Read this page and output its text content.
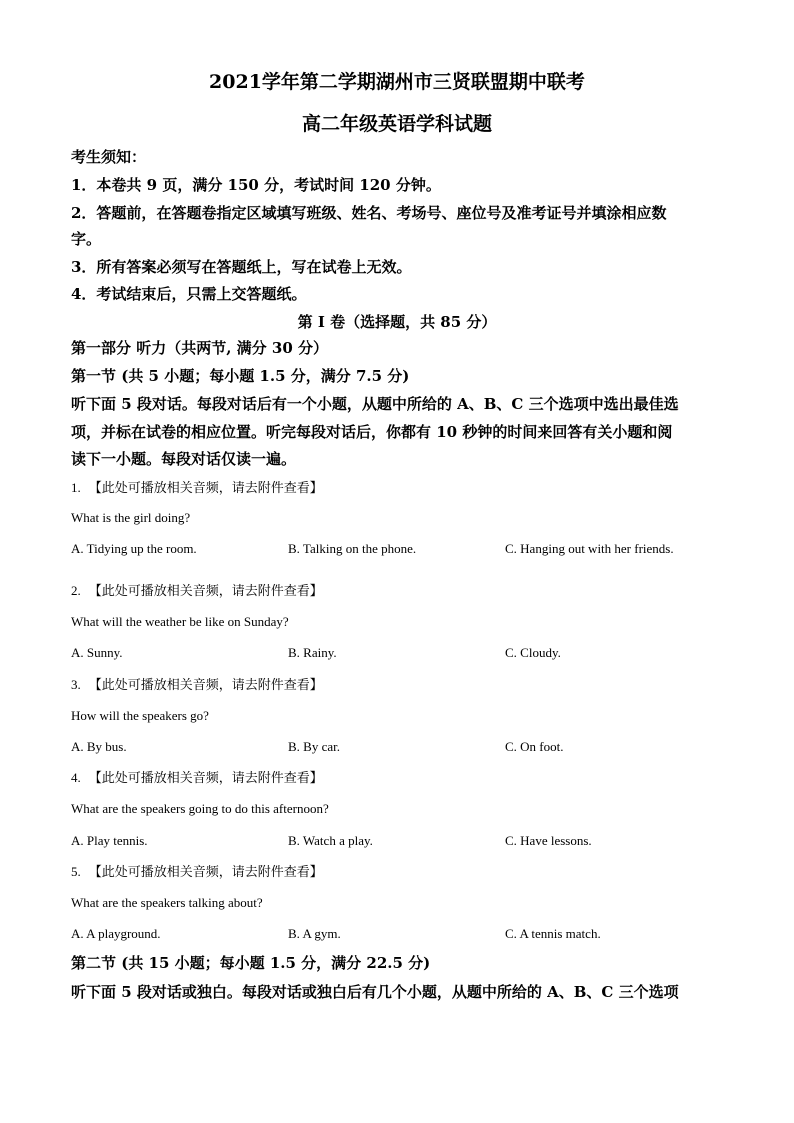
2021学年第二学期湖州市三贤联盟期中联考
高二年级英语学科试题
考生须知：
1．本卷共 9 页，满分 150 分，考试时间 120 分钟。
2．答题前，在答题卷指定区域填写班级、姓名、考场号、座位号及准考证号并填涂相应数
字。
3．所有答案必须写在答题纸上，写在试卷上无效。
4．考试结束后，只需上交答题纸。
第 I 卷（选择题，共 85 分）
第一部分 听力（共两节, 满分 30 分）
第一节 (共 5 小题；每小题 1.5 分，满分 7.5 分)
听下面 5 段对话。每段对话后有一个小题，从题中所给的 A、B、C 三个选项中选出最佳选
项，并标在试卷的相应位置。听完每段对话后，你都有 10 秒钟的时间来回答有关小题和阅
读下一小题。每段对话仅读一遍。
1. 【此处可播放相关音频，请去附件查看】
What is the girl doing?
A. Tidying up the room.	B. Talking on the phone.	C. Hanging out with her friends.
2. 【此处可播放相关音频，请去附件查看】
What will the weather be like on Sunday?
A. Sunny.	B. Rainy.	C. Cloudy.
3. 【此处可播放相关音频，请去附件查看】
How will the speakers go?
A. By bus.	B. By car.	C. On foot.
4. 【此处可播放相关音频，请去附件查看】
What are the speakers going to do this afternoon?
A. Play tennis.	B. Watch a play.	C. Have lessons.
5. 【此处可播放相关音频，请去附件查看】
What are the speakers talking about?
A. A playground.	B. A gym.	C. A tennis match.
第二节 (共 15 小题；每小题 1.5 分，满分 22.5 分)
听下面 5 段对话或独白。每段对话或独白后有几个小题，从题中所给的 A、B、C 三个选项
